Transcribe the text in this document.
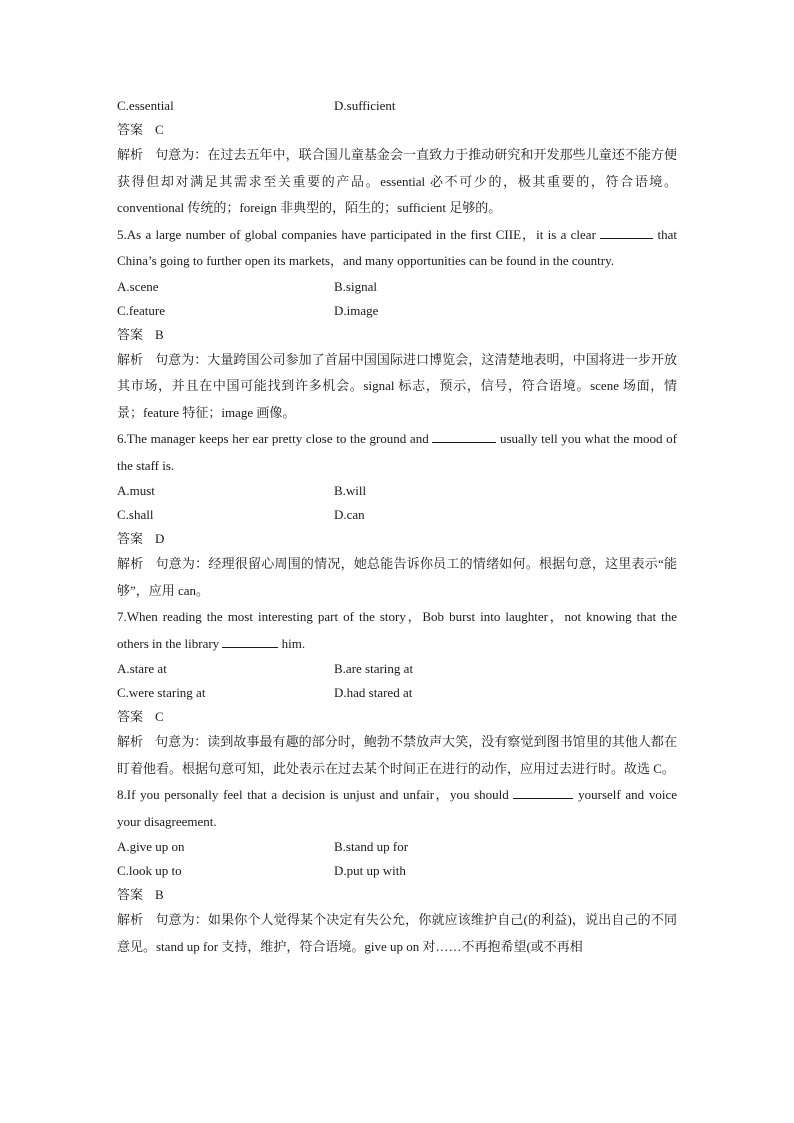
C.essential	D.sufficient
答案 C
解析 句意为：在过去五年中，联合国儿童基金会一直致力于推动研究和开发那些儿童还不能方便获得但却对满足其需求至关重要的产品。essential 必不可少的，极其重要的，符合语境。conventional 传统的；foreign 非典型的，陌生的；sufficient 足够的。
5.As a large number of global companies have participated in the first CIIE，it is a clear	that China’s going to further open its markets，and many opportunities can be found in the country.
A.scene	B.signal
C.feature	D.image
答案 B
解析 句意为：大量跨国公司参加了首届中国国际进口博览会，这清楚地表明，中国将进一步开放其市场，并且在中国可能找到许多机会。signal 标志，预示，信号，符合语境。scene 场面，情景；feature 特征；image 画像。
6.The manager keeps her ear pretty close to the ground and	usually tell you what the mood of the staff is.
A.must	B.will
C.shall	D.can
答案 D
解析 句意为：经理很留心周围的情况，她总能告诉你员工的情绪如何。根据句意，这里表示“能够”，应用 can。
7.When reading the most interesting part of the story，Bob burst into laughter，not knowing that the others in the library	him.
A.stare at	B.are staring at
C.were staring at	D.had stared at
答案 C
解析 句意为：读到故事最有趣的部分时，鲍勃不禁放声大笑，没有察觉到图书馆里的其他人都在盯着他看。根据句意可知，此处表示在过去某个时间正在进行的动作，应用过去进行时。故选 C。
8.If you personally feel that a decision is unjust and unfair，you should	yourself and voice your disagreement.
A.give up on	B.stand up for
C.look up to	D.put up with
答案 B
解析 句意为：如果你个人觉得某个决定有失公允，你就应该维护自己(的利益)，说出自己的不同意见。stand up for 支持，维护，符合语境。give up on 对……不再抱希望(或不再相
